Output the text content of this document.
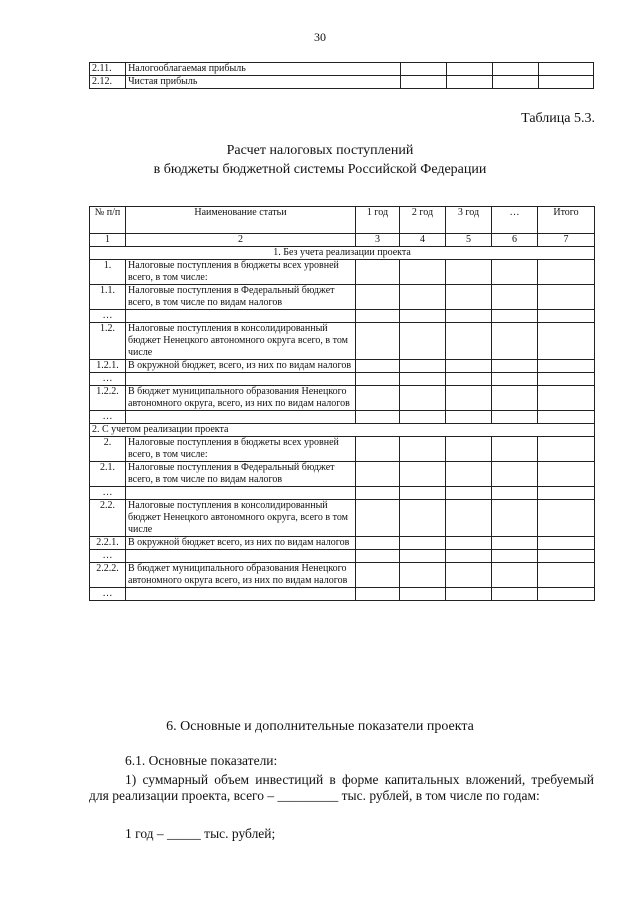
30
2.11.	Налогооблагаемая прибыль				
2.12.	Чистая прибыль				
Таблица 5.3.
Расчет налоговых поступлений
в бюджеты бюджетной системы Российской Федерации
№ п/п	Наименование статьи	1 год	2 год	3 год	…	Итого
1	2	3	4	5	6	7
1. Без учета реализации проекта						
1.	Налоговые поступления в бюджеты всех уровней всего, в том числе:					
1.1.	Налоговые поступления в Федеральный бюджет всего, в том числе по видам налогов					
…						
1.2.	Налоговые поступления в консолидированный бюджет Ненецкого автономного округа всего, в том числе					
1.2.1.	В окружной бюджет, всего, из них по видам налогов					
…						
1.2.2.	В бюджет муниципального образования Ненецкого автономного округа, всего, из них по видам налогов					
…						
2. С учетом реализации проекта						
2.	Налоговые поступления в бюджеты всех уровней всего, в том числе:					
2.1.	Налоговые поступления в Федеральный бюджет всего, в том числе по видам налогов					
…						
2.2.	Налоговые поступления в консолидированный бюджет Ненецкого автономного округа, всего в том числе					
2.2.1.	В окружной бюджет всего, из них по видам налогов					
…						
2.2.2.	В бюджет муниципального образования Ненецкого автономного округа всего, из них по видам налогов					
…						
6. Основные и дополнительные показатели проекта
6.1. Основные показатели:
1) суммарный объем инвестиций в форме капитальных вложений, требуемый для реализации проекта, всего – _________ тыс. рублей, в том числе по годам:
1 год – _____ тыс. рублей;
